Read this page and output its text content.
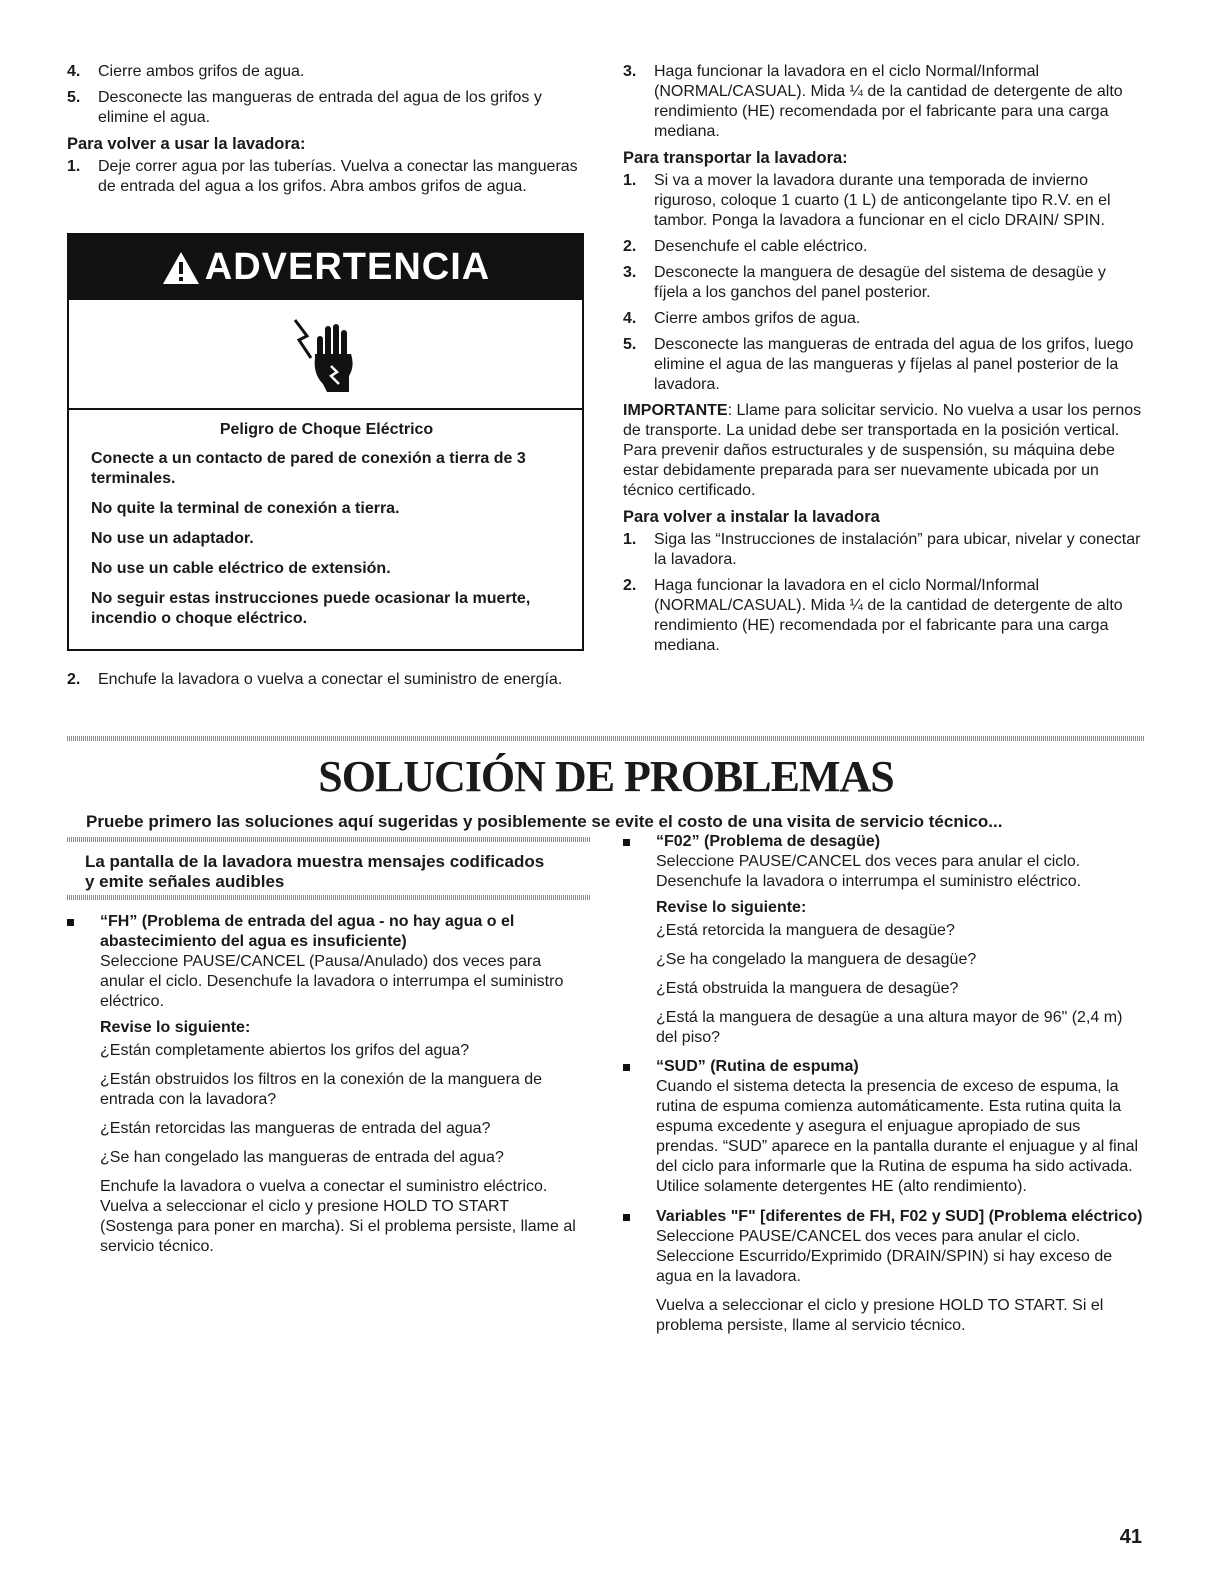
4. Cierre ambos grifos de agua.
5. Desconecte las mangueras de entrada del agua de los grifos y elimine el agua.
Para volver a usar la lavadora:
1. Deje correr agua por las tuberías. Vuelva a conectar las mangueras de entrada del agua a los grifos. Abra ambos grifos de agua.
ADVERTENCIA
Peligro de Choque Eléctrico
Conecte a un contacto de pared de conexión a tierra de 3 terminales.
No quite la terminal de conexión a tierra.
No use un adaptador.
No use un cable eléctrico de extensión.
No seguir estas instrucciones puede ocasionar la muerte, incendio o choque eléctrico.
2. Enchufe la lavadora o vuelva a conectar el suministro de energía.
3. Haga funcionar la lavadora en el ciclo Normal/Informal (NORMAL/CASUAL). Mida ¼ de la cantidad de detergente de alto rendimiento (HE) recomendada por el fabricante para una carga mediana.
Para transportar la lavadora:
1. Si va a mover la lavadora durante una temporada de invierno riguroso, coloque 1 cuarto (1 L) de anticongelante tipo R.V. en el tambor. Ponga la lavadora a funcionar en el ciclo DRAIN/ SPIN.
2. Desenchufe el cable eléctrico.
3. Desconecte la manguera de desagüe del sistema de desagüe y fíjela a los ganchos del panel posterior.
4. Cierre ambos grifos de agua.
5. Desconecte las mangueras de entrada del agua de los grifos, luego elimine el agua de las mangueras y fíjelas al panel posterior de la lavadora.

IMPORTANTE: Llame para solicitar servicio. No vuelva a usar los pernos de transporte. La unidad debe ser transportada en la posición vertical. Para prevenir daños estructurales y de suspensión, su máquina debe estar debidamente preparada para ser nuevamente ubicada por un técnico certificado.

Para volver a instalar la lavadora
1. Siga las “Instrucciones de instalación” para ubicar, nivelar y conectar la lavadora.
2. Haga funcionar la lavadora en el ciclo Normal/Informal (NORMAL/CASUAL). Mida ¼ de la cantidad de detergente de alto rendimiento (HE) recomendada por el fabricante para una carga mediana.
SOLUCIÓN DE PROBLEMAS
Pruebe primero las soluciones aquí sugeridas y posiblemente se evite el costo de una visita de servicio técnico...
La pantalla de la lavadora muestra mensajes codificados y emite señales audibles
“FH” (Problema de entrada del agua - no hay agua o el abastecimiento del agua es insuficiente)

Seleccione PAUSE/CANCEL (Pausa/Anulado) dos veces para anular el ciclo. Desenchufe la lavadora o interrumpa el suministro eléctrico.

Revise lo siguiente:

¿Están completamente abiertos los grifos del agua?

¿Están obstruidos los filtros en la conexión de la manguera de entrada con la lavadora?

¿Están retorcidas las mangueras de entrada del agua?

¿Se han congelado las mangueras de entrada del agua?

Enchufe la lavadora o vuelva a conectar el suministro eléctrico. Vuelva a seleccionar el ciclo y presione HOLD TO START (Sostenga para poner en marcha). Si el problema persiste, llame al servicio técnico.

“F02” (Problema de desagüe)

Seleccione PAUSE/CANCEL dos veces para anular el ciclo. Desenchufe la lavadora o interrumpa el suministro eléctrico.

Revise lo siguiente:

¿Está retorcida la manguera de desagüe?

¿Se ha congelado la manguera de desagüe?

¿Está obstruida la manguera de desagüe?

¿Está la manguera de desagüe a una altura mayor de 96" (2,4 m) del piso?

“SUD” (Rutina de espuma)

Cuando el sistema detecta la presencia de exceso de espuma, la rutina de espuma comienza automáticamente. Esta rutina quita la espuma excedente y asegura el enjuague apropiado de sus prendas. “SUD” aparece en la pantalla durante el enjuague y al final del ciclo para informarle que la Rutina de espuma ha sido activada. Utilice solamente detergentes HE (alto rendimiento).

Variables "F" [diferentes de FH, F02 y SUD] (Problema eléctrico)

Seleccione PAUSE/CANCEL dos veces para anular el ciclo. Seleccione Escurrido/Exprimido (DRAIN/SPIN) si hay exceso de agua en la lavadora.

Vuelva a seleccionar el ciclo y presione HOLD TO START. Si el problema persiste, llame al servicio técnico.

41
